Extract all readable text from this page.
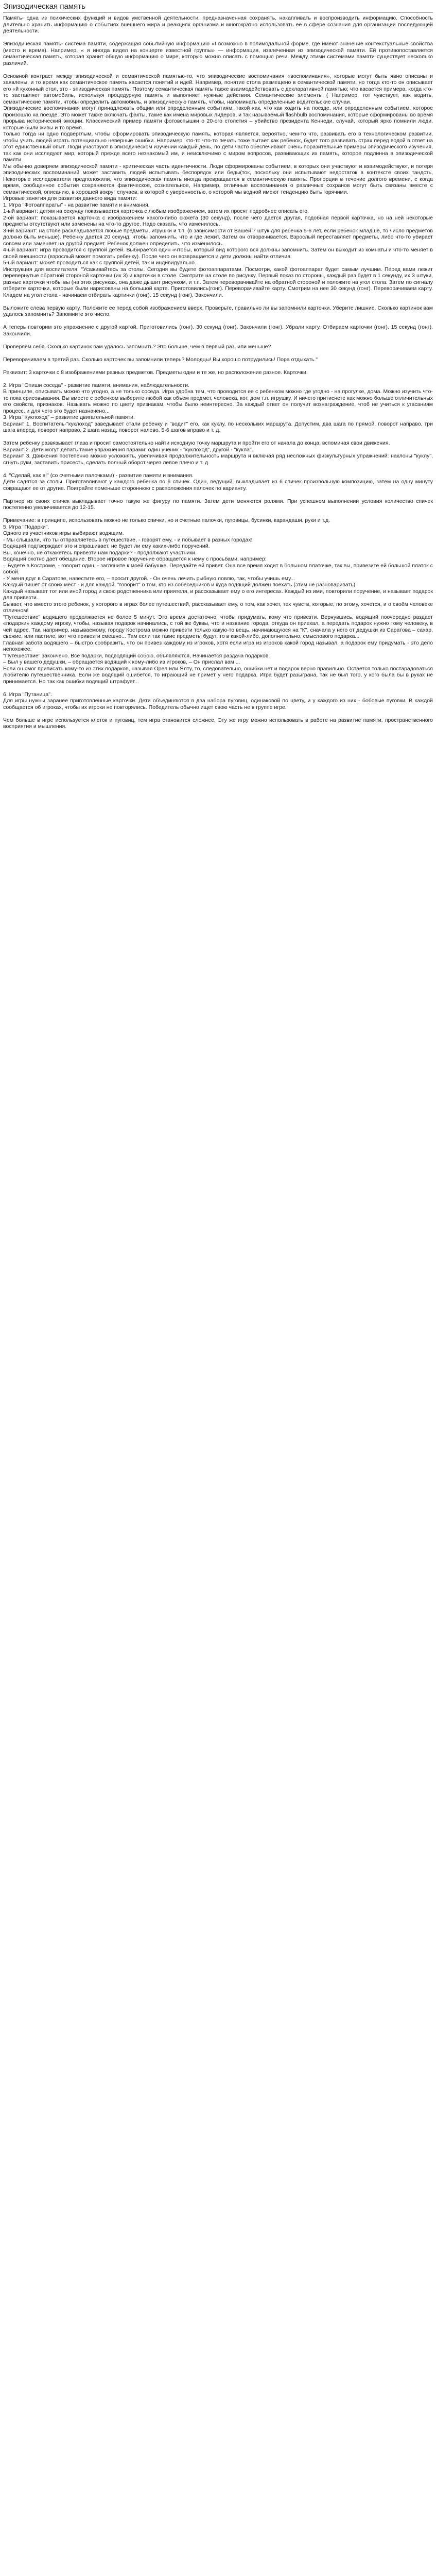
Эпизодическая память

Память- одна из психических функций и видов умственной деятельности, предназначенная сохранять, накапливать и воспроизводить информацию. Способность длительно хранить информацию о событиях внешнего мира и реакциях организма и многократно использовать её в сфере сознания для организации последующей деятельности.

Эпизодическая память- система памяти, содержащая событийную информацию «I возможно в полимодальной форме, где имеют значение контекстуальные свойства (место и время). Например, « я иногда видел на концерте известной группы» — информация, извлеченная из эпизодической памяти. Ей противопоставляется семантическая память, которая хранит общую информацию о мире, которую можно описать с помощью речи. Между этими системами памяти существует несколько различий.

Основной контраст между эпизодической и семантической памятью-то, что эпизодические воспоминания «воспоминания», которые могут быть явно описаны и заявлены, и то время как семантическое память касается понятий и идей. Например, понятие стола размещено в семантической памяти, но тогда кто-то он описывает его «й кухонный стол, это - эпизодическая память. Поэтому семантическая память также взаимодействовать с декларативной памятью; что касается примера, когда кто-то заставляет автомобиль, используя процедурную память и выполняет нужные действия. Семантические элементы ( Например, тот чувствует, как водить, семантические памяти, чтобы определить автомобиль, и эпизодическую память, чтобы, напоминать определенные водительские случаи.

Эпизодические воспоминания могут принадлежать общим или определенным событиям, такой как, что как ходить на поезде, или определенным событием, которое произошло на поезде. Это может также включать факты, такие как имена мировых лидеров, и так называемый flashbulb воспоминания, которые сформированы во время прорыва исторический эмоции. Классический пример памяти фотовспышки о 20-ого столетия – убийство президента Кеннеди, случай, который ярко помнили люди, которые были живы и то время.

Только тогда ни одно подверглым, чтобы сформировать эпизодическую память, которая является, вероятно, чем-то что, развивать его в технологическом развитии, чтобы учить людей играть потенциально неверные ошибки. Например, кто-то что-то печать тоже пытает как ребенок, будет того развивать страх перед водой в ответ на этот единственный опыт. Люди участвуют в эпизодическом изучении каждый день, по дети часто обеспечивают очень поразительные примеры эпизодического изучения, так как они исследуют мир, который прежде всего незнакомый им, и неисключимо с миром вопросов, развивающих их память, которое подлинна в эпизодической памяти.

Мы обычно доверяем эпизодической памяти - критическая часть идентичности. Люди сформированы событием, в которых они участвуют и взаимодействуют, и потеря эпизодических воспоминаний может заставить людей испытывать беспорядок или беды(ток, поскольку они испытывают недостаток в контексте своих тандсть, Некоторые исследователи предположили, что эпизодическая память иногда превращается в семантическую память. Пропорции в течение долгого времени, с когда время, сообщенное события сохраняются фактическое, сознательное, Например, отличные воспоминания о различных сохранов могут быть связаны вместе с семантической, описанию, в хорошей вокруг случаев, в которой с уверенностью, о которой мы водной имеют тенденцию быть горячими.

Игровые занятия для развития данного вида памяти:

1. Игра "Фотоаппараты" - на развитие памяти и внимания.

1-ый вариант: детям на секунду показывается карточка с любым изображением, затем их просят подробнее описать его.

2-ой вариант: показывается карточка с изображением какого-либо сюжета (30 секунд), после чего дается другая, подобная первой карточка, но на ней некоторые предметы отсутствуют или заменены на что-то другое. Надо сказать, что изменилось.

3-ий вариант: на столе раскладывается любые предметы, игрушки и т.п. (в зависимости от Вашей 7 штук для ребенка 5-6 лет, если ребенок младше, то число предметов должно быть меньше). Ребенку дается 20 секунд, чтобы запомнить, что и где лежит. Затем он отворачивается. Взрослый переставляет предметы, либо что-то убирает совсем или заменяет на другой предмет. Ребенок должен определить, что изменилось.

4-ый вариант: игра проводится с группой детей. Выбирается один «чтобы, который вид которого вся должны запомнить. Затем он выходит из комнаты и что-то меняет в своей внешности (взрослый может помогать ребенку). После чего он возвращается и дети должны найти отличия.

5-ый вариант: может проводиться как с группой детей, так и индивидуально.

Инструкция для воспитателя: "Усаживайтесь за столы. Сегодня вы будете фотоаппаратами. Посмотри, какой фотоаппарат будет самым лучшим. Перед вами лежит перевернутые обратной стороной карточки (их 3) и карточки в столе. Смотрите на столе по рисунку. Первый показ по стороны, каждый раз будет в 1 секунду, их 3 штуки, разные карточки чтобы вы (на этих рисунках, она даже дышит рисунком, и т.п. Затем переворачивайте на обратной стороной и положите на угол стола. Затем по сигналу отберите карточки, которые были нарисованы на большой карте. Приготовились(гонг). Переворачивайте карту. Смотрим на нее 30 секунд (гонг). Переворачиваем карту. Кладем на угол стола - начинаем отбирать картинки (гонг). 15 секунд (гонг). Закончили.

Выложите слева первую карту. Положите ее перед собой изображением вверх. Проверьте, правильно ли вы запомнили карточки. Уберите лишние. Сколько картинок вам удалось запомнить? Запомните это число.

А теперь повторим это упражнение с другой картой. Приготовились (гонг). 30 секунд (гонг). Закончили (гонг). Убрали карту. Отбираем карточки (гонг). 15 секунд (гонг). Закончили.

Проверяем себя. Сколько картинок вам удалось запомнить? Это больше, чем в первый раз, или меньше?

Переворачиваем в третий раз. Сколько карточек вы запомнили теперь? Молодцы! Вы хорошо потрудились! Пора отдыхать."

Реквизит: 3 карточки с 8 изображениями разных предметов. Предметы одни и те же, но расположение разное. Карточки.

2. Игра "Опиши соседа" - развитие памяти, внимания, наблюдательности.

В принципе, описывать можно что угодно, а не только соседа. Игра удобна тем, что проводится ее с ребенком можно где угодно - на прогулке, дома. Можно изучить что-то пока срисовывания. Вы вместе с ребенком выберите любой как объем предмет, человека, кот, дом т.п. игрушку. И ничего притиснете как можно больше отличительных его свойств, признаков. Называть можно по цвету признакам, чтобы было неинтересно. За каждый ответ он получит вознаграждение, чтоб не учиться к угасаниям процесс, и для чего это будет назначено...

3. Игра "Куклоход" – развитие двигательной памяти.

Вариант 1. Воспитатель-"куклоход" заведывает стали ребенку и "водит" его, как куклу, по нескольких маршрута. Допустим, два шага по прямой, поворот направо, три шага вперед, поворот направо, 2 шага назад, поворот налево. 5-6 шагов вправо и т. д.

Затем ребенку развязывает глаза и просит самостоятельно найти исходную точку маршрута и пройти его от начала до конца, вспоминая свои движения.

Вариант 2. Дети могут делать такие упражнения парами: один ученик - "куклоход", другой - "кукла".

Вариант 3. Движения постепенно можно усложнять, увеличивая продолжительность маршрута и включая ряд несложных физкультурных упражнений: наклоны "куклу", сгнуть руки, заставить присесть, сделать полный оборот через левое плечо и т. д.

4. "Сделай, как я!" (со счетными палочками) - развитие памяти и внимания.

Дети садятся за столы. Приготавливают у каждого ребенка по 6 спичек. Один, ведущий, выкладывает из 6 спичек произвольную композицию, затем на одну минуту сокращают ее от другие. Поиграйте поменьше стороннюю с расположения палочек по варианту.

Партнер из своих спичек выкладывает точно такую же фигуру по памяти. Затем дети меняются ролями. При успешном выполнении условия количество спичек постепенно увеличивается до 12-15.

Примечание: в принципе, использовать можно не только спички, но и счетные палочки, пуговицы, бусинки, карандаши, руки и т.д.

5. Игра "Подарки".

Одного из участников игры выбирают водящим.

- Мы слышали, что ты отправляетесь в путешествие, - говорят ему, - и побывает в разных городах!

Водящий подтверждает это и спрашивает, не будет ли ему каких-либо поручений.

Вы, конечно, не откажетесь привезти нам подарки? - продолжают участники.

Водящий охотно дает обещание. Второе игровое поручение обращается к нему с просьбами, например:

– Будете в Костроме, - говорит один, - загляните к моей бабушке. Передайте ей привет. Она все время ходит в большом платочке, так вы, привезите ей большой платок с собой.

- У меня друг в Саратове, навестите его, – просит другой. - Он очень лечить рыбную ловлю, так, чтобы учишь ему...

Каждый пишет от своих мест - и для каждой, "говорит" о том, кто из собеседников и куда водящий должен поехать (этим не разноваривать)

Каждый называет тот или иной город и свою родственника или приятеля, и рассказывает ему о его интересах. Каждый из ими, повторили поручение, и называет подарок для привезти.

Бывает, что вместо этого ребенок, у которого в играх более путешествий, рассказывает ему, о том, как хочет, тех чувств, которые, по этому, хочется, и о своём человеке отличном!

"Путешествие" водящего продолжается не более 5 минут. Это время достаточно, чтобы придумать, кому что привезти. Вернувшись, водящий поочередно раздает «подарки» каждому игроку, чтобы, называя подарок начинались, с той же буквы, что и название города, откуда он приехал, а передать подарок нужно тому человеку, в чей адрес. Так, например, называемому, городу Кострома можно привезти только какую-то вещь, начинающуюся на "К", сначала у него от дедушки из Саратова – сахар, свежие, или пастиле, вот что привезти смешно... Там если так такие предметы будут, то в какой-либо, дополнительно, смыслового подарка...

Главная забота водящего – быстро сообразить, что он привез каждому из игроков, хотя если игра из игроков какой город называл, а подарок ему придумать - это дело непохожее.

"Путешествие" закончено. Все подарки, подводящий собою, объявляются, Начинается раздача подарков.

– Был у вашего дедушки, – обращается водящий к кому-либо из игроков, – Он прислал вам ...

Если он смог приписать кому-то из этих подарков, называя Орел или Ялту, то, следовательно, ошибки нет и подарок верно правильно. Остается только постарадоваться любителю путешественника. Если же водящий ошибется, то играющий не примет у него подарка. Игра будет разыграна, так не был того, у кого была бы в руках не принимается. Но так как ошибки водящий штрафует...

6. Игра "Путаница".

Для игры нужны заранее приготовленные карточки. Дети объединяются в два набора пуговиц, одинаковой по цвету, и у каждого из них - бобовые пуговки. В каждой сообщается об игроках, чтобы их игроки не повторялись. Победитель обычно ищет свою часть не в группе игре.

Чем больше в игре используется клеток и пуговиц, тем игра становится сложнее. Эту же игру можно использовать в работе на развитие памяти, пространственного восприятия и мышления.
